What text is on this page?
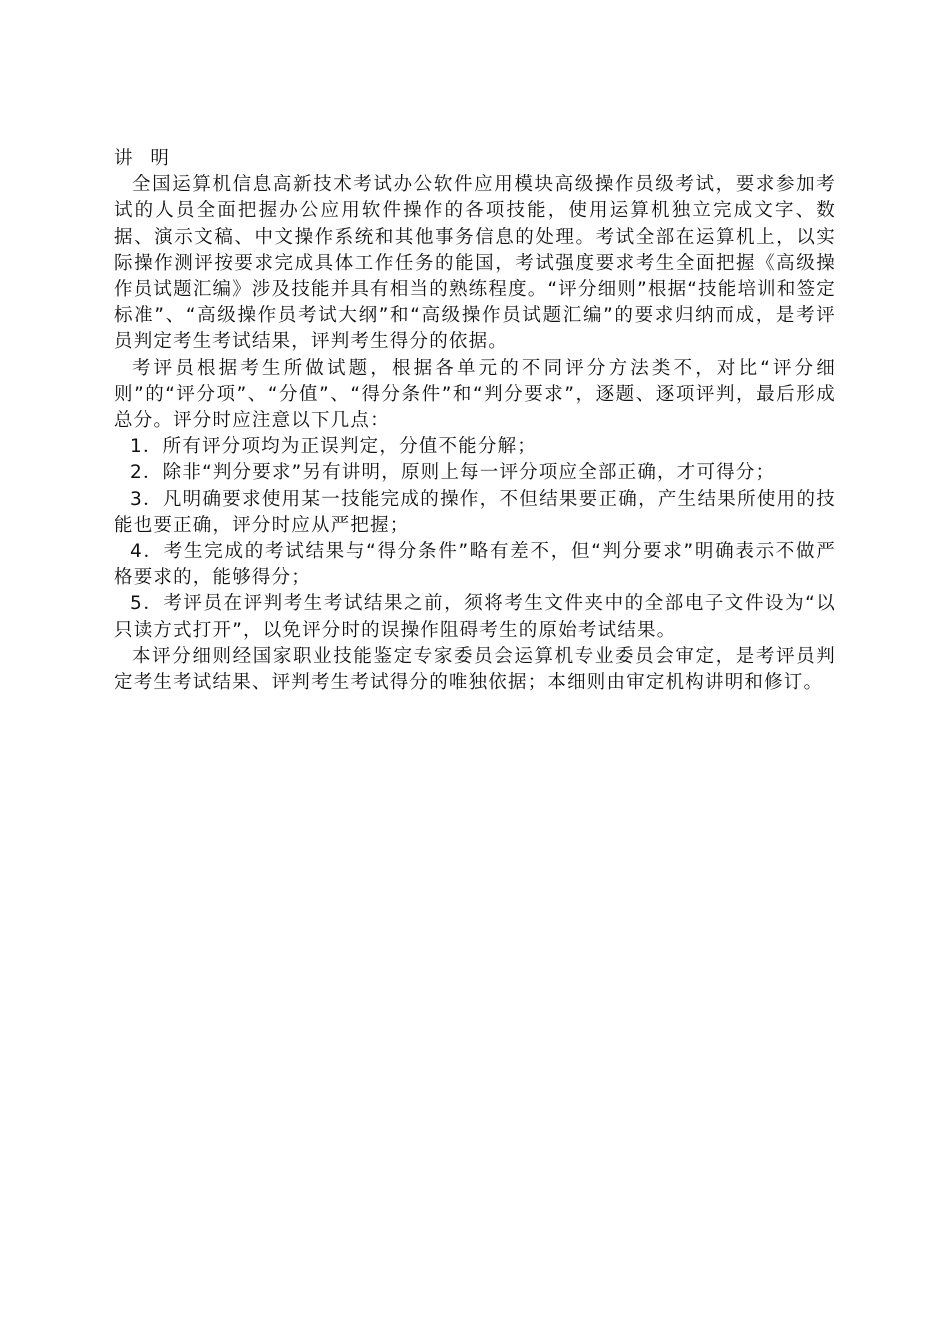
讲 明

全国运算机信息高新技术考试办公软件应用模块高级操作员级考试，要求参加考试的人员全面把握办公应用软件操作的各项技能，使用运算机独立完成文字、数据、演示文稿、中文操作系统和其他事务信息的处理。考试全部在运算机上，以实际操作测评按要求完成具体工作任务的能国，考试强度要求考生全面把握《高级操作员试题汇编》涉及技能并具有相当的熟练程度。“评分细则”根据“技能培训和签定标准”、“高级操作员考试大纲”和“高级操作员试题汇编”的要求归纳而成，是考评员判定考生考试结果，评判考生得分的依据。

考评员根据考生所做试题，根据各单元的不同评分方法类不，对比“评分细则”的“评分项”、“分值”、“得分条件”和“判分要求”，逐题、逐项评判，最后形成总分。评分时应注意以下几点：

1．所有评分项均为正误判定，分值不能分解；

2．除非“判分要求”另有讲明，原则上每一评分项应全部正确，才可得分；

3．凡明确要求使用某一技能完成的操作，不但结果要正确，产生结果所使用的技能也要正确，评分时应从严把握；

4．考生完成的考试结果与“得分条件”略有差不，但“判分要求”明确表示不做严格要求的，能够得分；

5．考评员在评判考生考试结果之前，须将考生文件夹中的全部电子文件设为“以只读方式打开”，以免评分时的误操作阻碍考生的原始考试结果。

本评分细则经国家职业技能鉴定专家委员会运算机专业委员会审定，是考评员判定考生考试结果、评判考生考试得分的唯独依据；本细则由审定机构讲明和修订。
